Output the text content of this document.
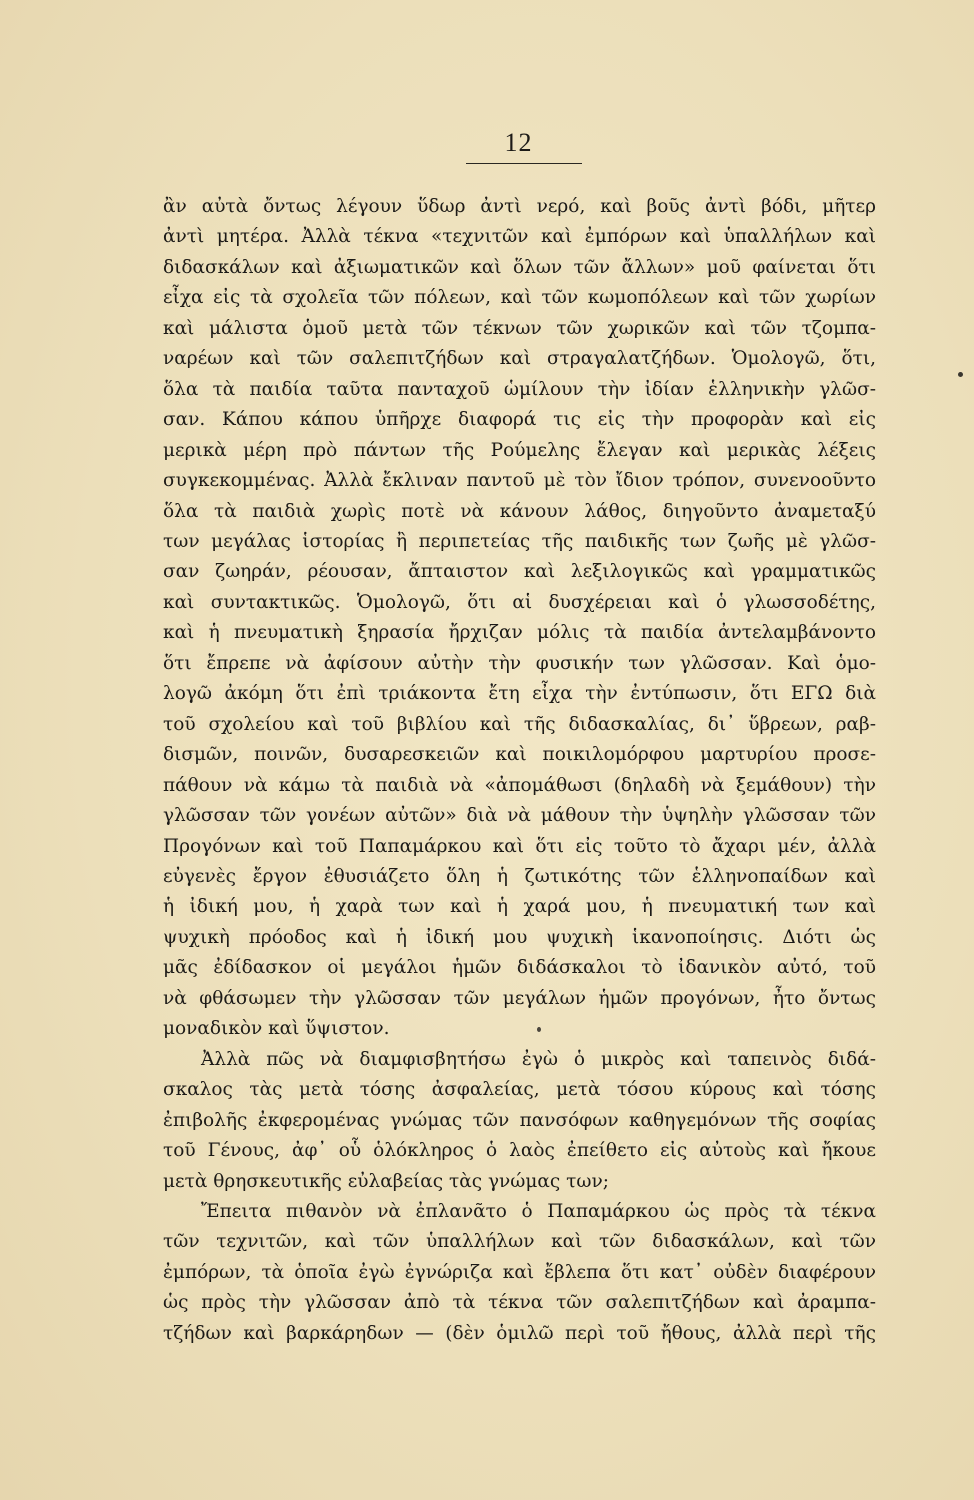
12
ἂν αὐτὰ ὄντως λέγουν ὕδωρ ἀντὶ νερό, καὶ βοῦς ἀντὶ βόδι, μῆτερ
ἀντὶ μητέρα. Ἀλλὰ τέκνα «τεχνιτῶν καὶ ἐμπόρων καὶ ὑπαλλήλων καὶ
διδασκάλων καὶ ἀξιωματικῶν καὶ ὅλων τῶν ἄλλων» μοῦ φαίνεται ὅτι
εἶχα εἰς τὰ σχολεῖα τῶν πόλεων, καὶ τῶν κωμοπόλεων καὶ τῶν χωρίων
καὶ μάλιστα ὁμοῦ μετὰ τῶν τέκνων τῶν χωρικῶν καὶ τῶν τζομπα-
ναρέων καὶ τῶν σαλεπιτζήδων καὶ στραγαλατζήδων. Ὁμολογῶ, ὅτι,
ὅλα τὰ παιδία ταῦτα πανταχοῦ ὡμίλουν τὴν ἰδίαν ἑλληνικὴν γλῶσ-
σαν. Κάπου κάπου ὑπῆρχε διαφορά τις εἰς τὴν προφορὰν καὶ εἰς
μερικὰ μέρη πρὸ πάντων τῆς Ρούμελης ἔλεγαν καὶ μερικὰς λέξεις
συγκεκομμένας. Ἀλλὰ ἔκλιναν παντοῦ μὲ τὸν ἴδιον τρόπον, συνενοοῦντο
ὅλα τὰ παιδιὰ χωρὶς ποτὲ νὰ κάνουν λάθος, διηγοῦντο ἀναμεταξύ
των μεγάλας ἱστορίας ἢ περιπετείας τῆς παιδικῆς των ζωῆς μὲ γλῶσ-
σαν ζωηράν, ρέουσαν, ἄπταιστον καὶ λεξιλογικῶς καὶ γραμματικῶς
καὶ συντακτικῶς. Ὁμολογῶ, ὅτι αἱ δυσχέρειαι καὶ ὁ γλωσσοδέτης,
καὶ ἡ πνευματικὴ ξηρασία ἤρχιζαν μόλις τὰ παιδία ἀντελαμβάνοντο
ὅτι ἔπρεπε νὰ ἀφίσουν αὐτὴν τὴν φυσικήν των γλῶσσαν. Καὶ ὁμο-
λογῶ ἀκόμη ὅτι ἐπὶ τριάκοντα ἔτη εἶχα τὴν ἐντύπωσιν, ὅτι ΕΓΩ διὰ
τοῦ σχολείου καὶ τοῦ βιβλίου καὶ τῆς διδασκαλίας, δι᾽ ὕβρεων, ραβ-
δισμῶν, ποινῶν, δυσαρεσκειῶν καὶ ποικιλομόρφου μαρτυρίου προσε-
πάθουν νὰ κάμω τὰ παιδιὰ νὰ «ἀπομάθωσι (δηλαδὴ νὰ ξεμάθουν) τὴν
γλῶσσαν τῶν γονέων αὐτῶν» διὰ νὰ μάθουν τὴν ὑψηλὴν γλῶσσαν τῶν
Προγόνων καὶ τοῦ Παπαμάρκου καὶ ὅτι εἰς τοῦτο τὸ ἄχαρι μέν, ἀλλὰ
εὐγενὲς ἔργον ἐθυσιάζετο ὅλη ἡ ζωτικότης τῶν ἑλληνοπαίδων καὶ
ἡ ἰδική μου, ἡ χαρὰ των καὶ ἡ χαρά μου, ἡ πνευματική των καὶ
ψυχικὴ πρόοδος καὶ ἡ ἰδική μου ψυχικὴ ἱκανοποίησις. Διότι ὡς
μᾶς ἐδίδασκον οἱ μεγάλοι ἡμῶν διδάσκαλοι τὸ ἰδανικὸν αὐτό, τοῦ
νὰ φθάσωμεν τὴν γλῶσσαν τῶν μεγάλων ἡμῶν προγόνων, ἦτο ὄντως
μοναδικὸν καὶ ὕψιστον.
Ἀλλὰ πῶς νὰ διαμφισβητήσω ἐγὼ ὁ μικρὸς καὶ ταπεινὸς διδά-
σκαλος τὰς μετὰ τόσης ἀσφαλείας, μετὰ τόσου κύρους καὶ τόσης
ἐπιβολῆς ἐκφερομένας γνώμας τῶν πανσόφων καθηγεμόνων τῆς σοφίας
τοῦ Γένους, ἀφ᾽ οὗ ὁλόκληρος ὁ λαὸς ἐπείθετο εἰς αὐτοὺς καὶ ἤκουε
μετὰ θρησκευτικῆς εὐλαβείας τὰς γνώμας των;
Ἔπειτα πιθανὸν νὰ ἐπλανᾶτο ὁ Παπαμάρκου ὡς πρὸς τὰ τέκνα
τῶν τεχνιτῶν, καὶ τῶν ὑπαλλήλων καὶ τῶν διδασκάλων, καὶ τῶν
ἐμπόρων, τὰ ὁποῖα ἐγὼ ἐγνώριζα καὶ ἔβλεπα ὅτι κατ᾽ οὐδὲν διαφέρουν
ὡς πρὸς τὴν γλῶσσαν ἀπὸ τὰ τέκνα τῶν σαλεπιτζήδων καὶ ἀραμπα-
τζήδων καὶ βαρκάρηδων — (δὲν ὁμιλῶ περὶ τοῦ ἤθους, ἀλλὰ περὶ τῆς
